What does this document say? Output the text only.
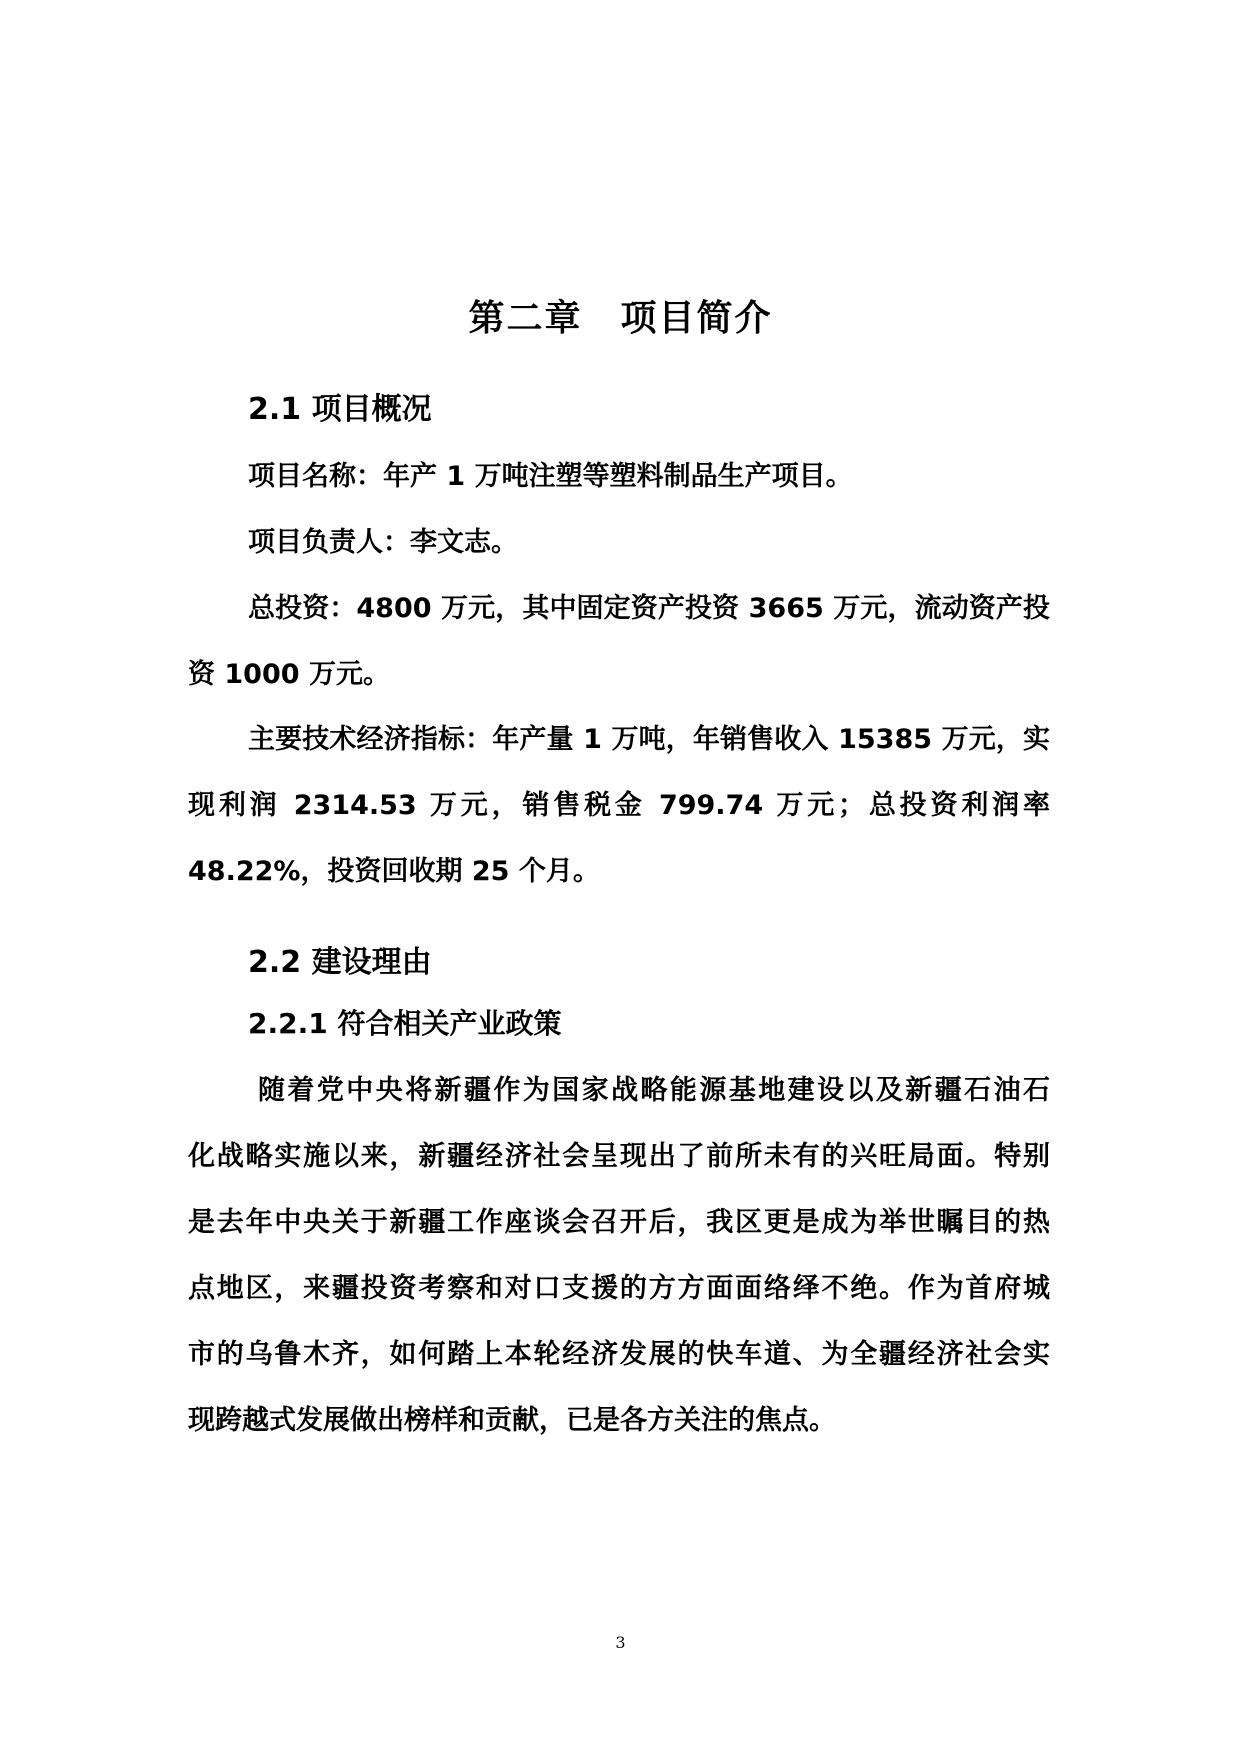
第二章　项目简介
2.1 项目概况
项目名称：年产 1 万吨注塑等塑料制品生产项目。
项目负责人：李文志。
总投资：4800 万元，其中固定资产投资 3665 万元，流动资产投
资 1000 万元。
主要技术经济指标：年产量 1 万吨，年销售收入 15385 万元，实
现利润 2314.53 万元，销售税金 799.74 万元；总投资利润率
48.22%，投资回收期 25 个月。
2.2 建设理由
2.2.1 符合相关产业政策
随着党中央将新疆作为国家战略能源基地建设以及新疆石油石
化战略实施以来，新疆经济社会呈现出了前所未有的兴旺局面。特别
是去年中央关于新疆工作座谈会召开后，我区更是成为举世瞩目的热
点地区，来疆投资考察和对口支援的方方面面络绎不绝。作为首府城
市的乌鲁木齐，如何踏上本轮经济发展的快车道、为全疆经济社会实
现跨越式发展做出榜样和贡献，已是各方关注的焦点。
3
